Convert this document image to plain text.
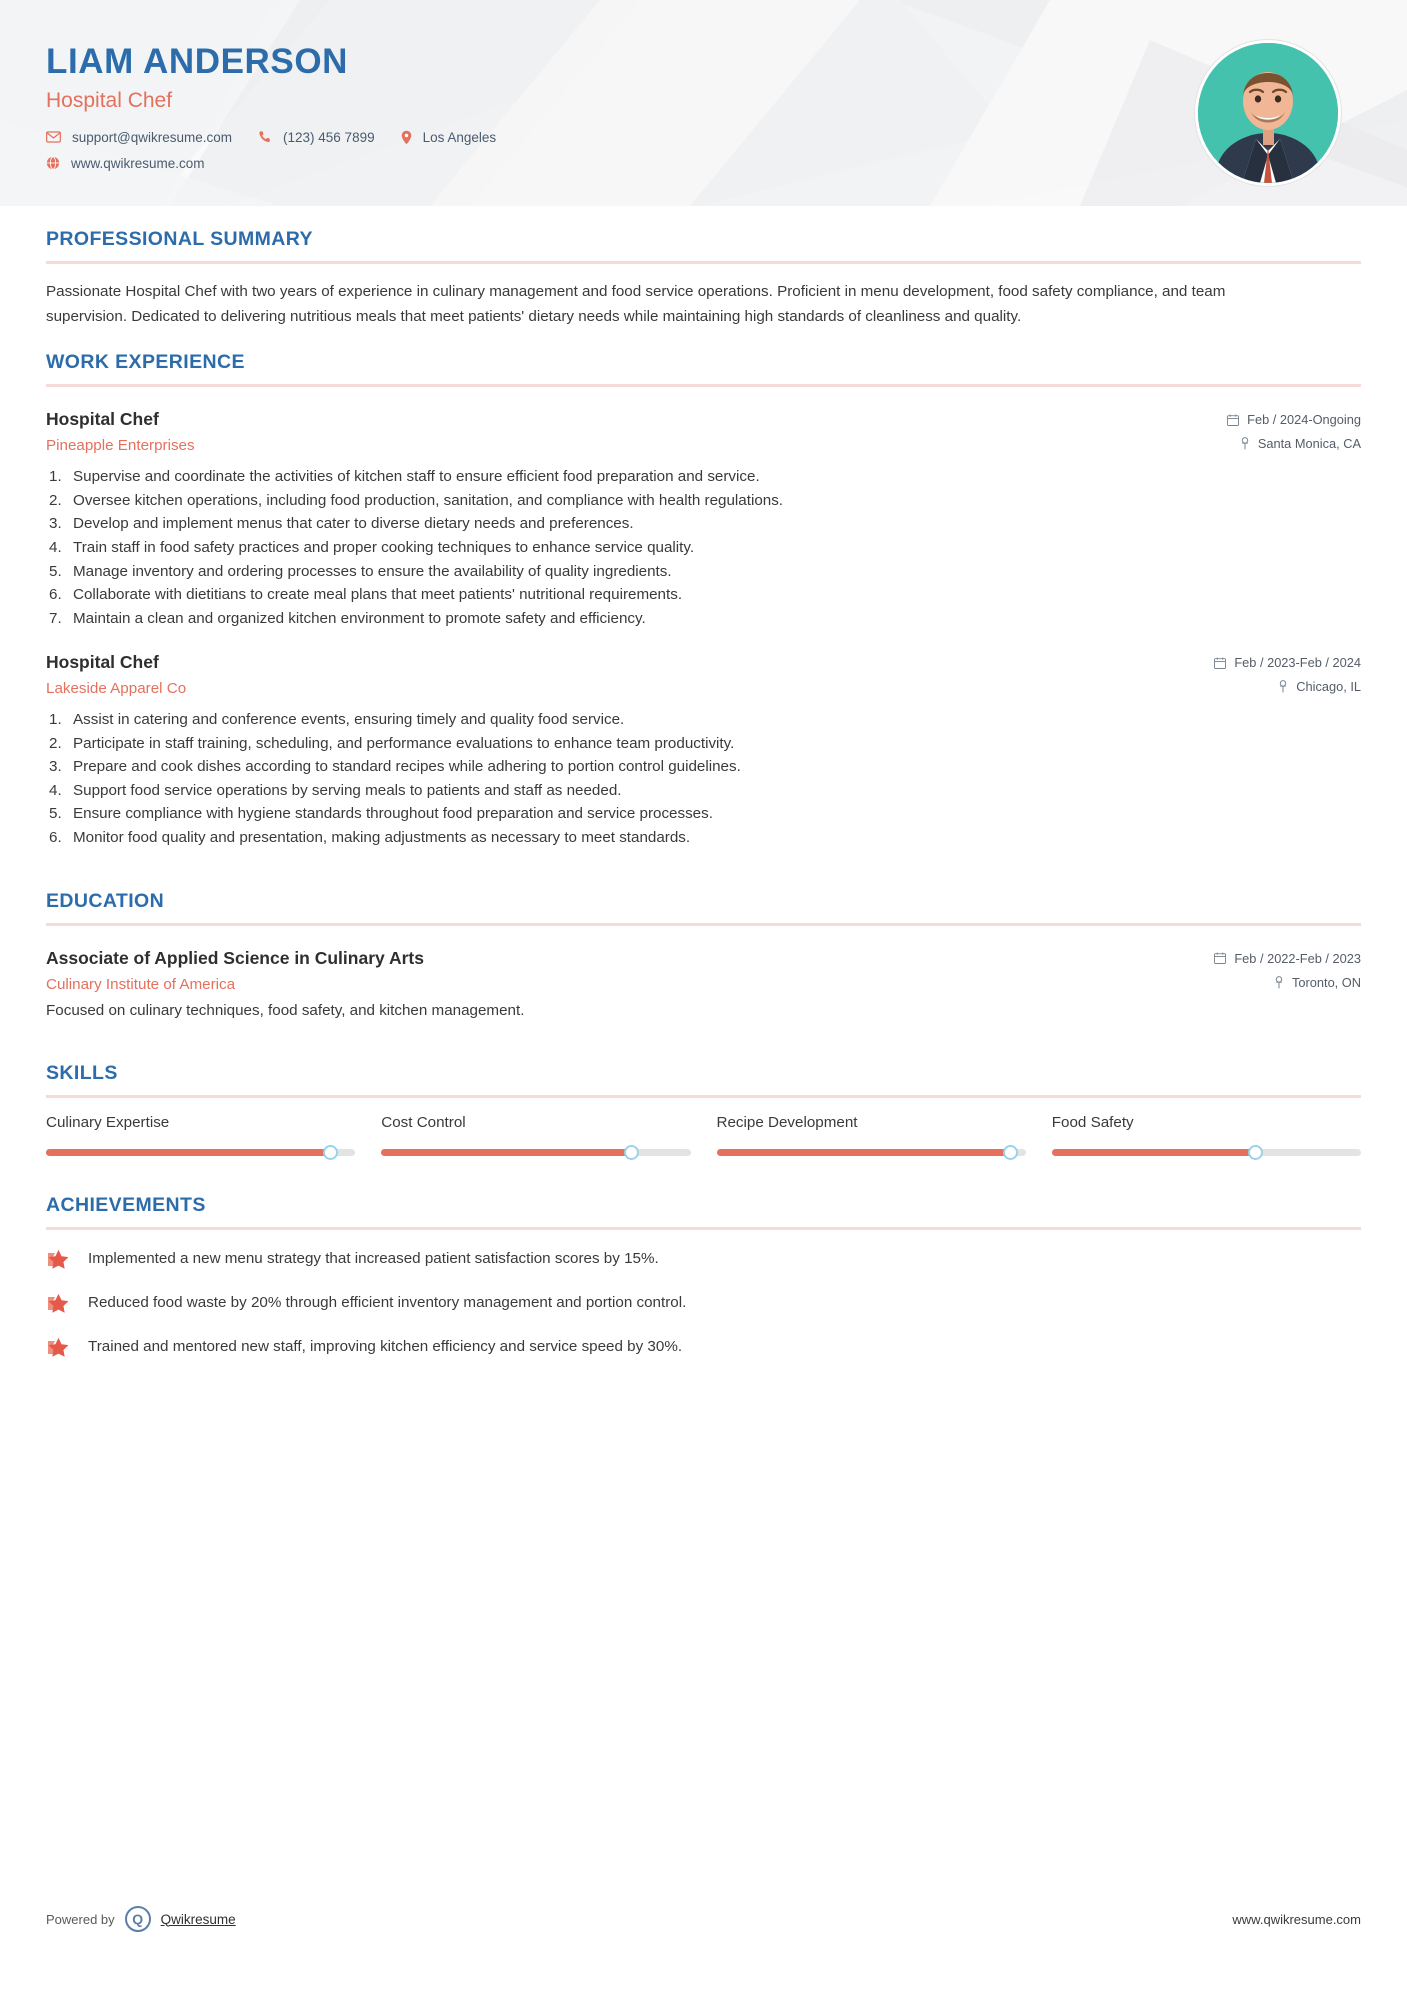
LIAM ANDERSON
Hospital Chef
support@qwikresume.com	(123) 456 7899	Los Angeles
www.qwikresume.com
PROFESSIONAL SUMMARY

Passionate Hospital Chef with two years of experience in culinary management and food service operations. Proficient in menu development, food safety compliance, and team supervision. Dedicated to delivering nutritious meals that meet patients' dietary needs while maintaining high standards of cleanliness and quality.

WORK EXPERIENCE
Hospital Chef
Pineapple Enterprises
Feb / 2024-Ongoing
Santa Monica, CA
Supervise and coordinate the activities of kitchen staff to ensure efficient food preparation and service.
Oversee kitchen operations, including food production, sanitation, and compliance with health regulations.
Develop and implement menus that cater to diverse dietary needs and preferences.
Train staff in food safety practices and proper cooking techniques to enhance service quality.
Manage inventory and ordering processes to ensure the availability of quality ingredients.
Collaborate with dietitians to create meal plans that meet patients' nutritional requirements.
Maintain a clean and organized kitchen environment to promote safety and efficiency.
Hospital Chef
Lakeside Apparel Co
Feb / 2023-Feb / 2024
Chicago, IL
Assist in catering and conference events, ensuring timely and quality food service.
Participate in staff training, scheduling, and performance evaluations to enhance team productivity.
Prepare and cook dishes according to standard recipes while adhering to portion control guidelines.
Support food service operations by serving meals to patients and staff as needed.
Ensure compliance with hygiene standards throughout food preparation and service processes.
Monitor food quality and presentation, making adjustments as necessary to meet standards.
EDUCATION
Associate of Applied Science in Culinary Arts
Culinary Institute of America
Feb / 2022-Feb / 2023
Toronto, ON
Focused on culinary techniques, food safety, and kitchen management.
SKILLS
Culinary Expertise	Cost Control	Recipe Development	Food Safety
ACHIEVEMENTS
Implemented a new menu strategy that increased patient satisfaction scores by 15%.
Reduced food waste by 20% through efficient inventory management and portion control.
Trained and mentored new staff, improving kitchen efficiency and service speed by 30%.
Powered by	Q	Qwikresume	www.qwikresume.com
